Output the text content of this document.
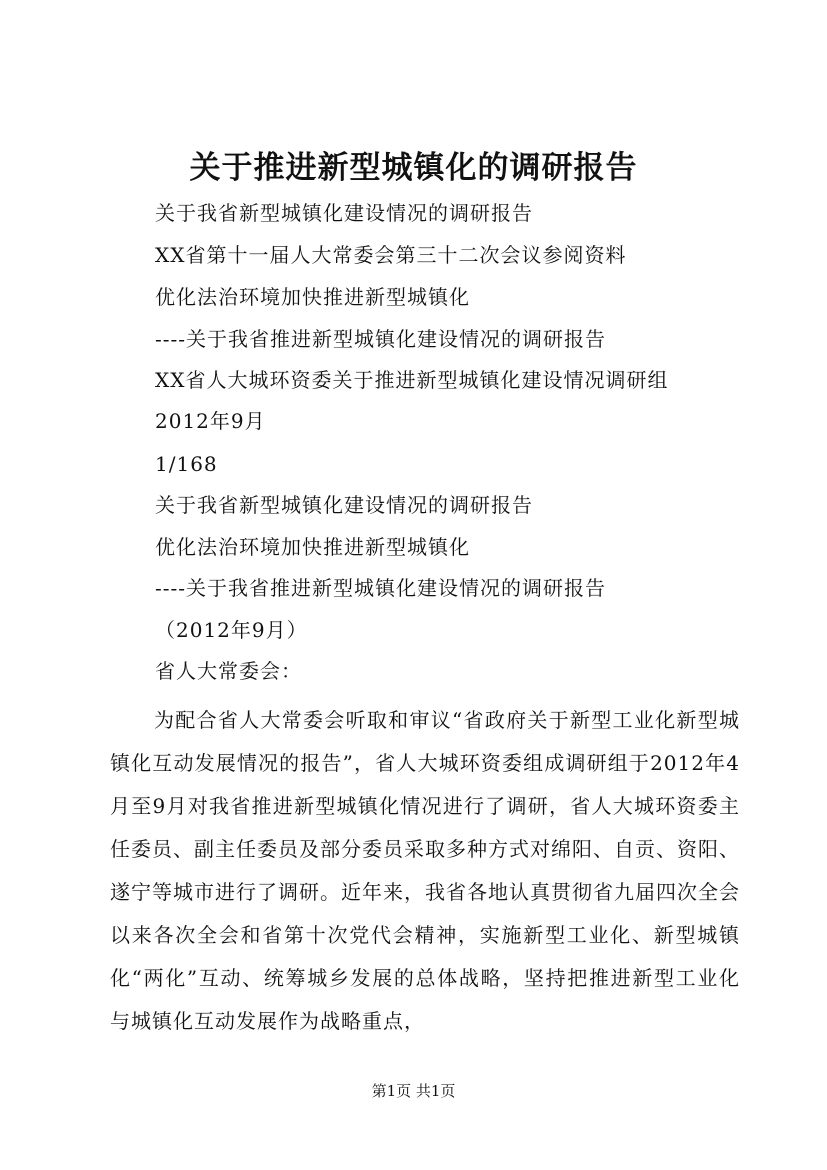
关于推进新型城镇化的调研报告
关于我省新型城镇化建设情况的调研报告
XX省第十一届人大常委会第三十二次会议参阅资料
优化法治环境加快推进新型城镇化
----关于我省推进新型城镇化建设情况的调研报告
XX省人大城环资委关于推进新型城镇化建设情况调研组
2012年9月
1/168
关于我省新型城镇化建设情况的调研报告
优化法治环境加快推进新型城镇化
----关于我省推进新型城镇化建设情况的调研报告
（2012年9月）
省人大常委会：
为配合省人大常委会听取和审议“省政府关于新型工业化新型城镇化互动发展情况的报告”，省人大城环资委组成调研组于2012年4月至9月对我省推进新型城镇化情况进行了调研，省人大城环资委主任委员、副主任委员及部分委员采取多种方式对绵阳、自贡、资阳、遂宁等城市进行了调研。近年来，我省各地认真贯彻省九届四次全会以来各次全会和省第十次党代会精神，实施新型工业化、新型城镇化“两化”互动、统筹城乡发展的总体战略，坚持把推进新型工业化与城镇化互动发展作为战略重点，
第1页 共1页
